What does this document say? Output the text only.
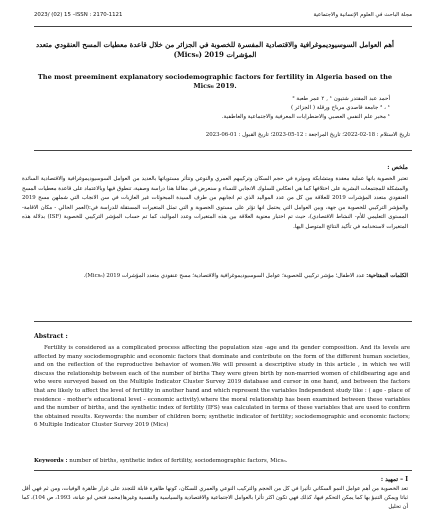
2023/ (02) 15 –ISSN : 2170-1121	مجلة الباحث في العلوم الإنسانية والاجتماعية
أهم العوامل السوسيوديموغرافية والاقتصادية المفسرة للخصوبة في الجزائر من خلال قاعدة معطيات المسح العنقودي متعدد المؤشرات 2019 (Mics₆)
The most preeminent explanatory sociodemographic factors for fertility in Algeria based on the Mics₆ 2019.
أحمد عبد المقتدر شتيون ¹ , ٢ عمر طعبة ²
¹ ، ² جامعة قاصدي مرباح ورقلة ( الجزائر )
¹ مخبر علم النفس العصبي والاضطرابات المعرفية والاجتماعية والعاطفية.
تاريخ الاستلام : 18-02-2022؛ تاريخ المراجعة : 12-05-2023؛ تاريخ القبول : 01-06-2023
ملخص :
تعتبر الخصوبة بانها عملية معقدة ومتشابكة وموثرة في حجم السكان وتركيبهم العمري والنوعي وتتأثر مستوياتها بالعديد من العوامل السوسيوديموغرافية والاقتصادية السائدة والمشكلة للمجتمعات البشرية على اختلافها كما هي انعكاس للسلوك الانجابي للنساء و سنعرض في مقالنا هذا دراسة وصفية، تنطوق فيها وبالاعتماد على قاعدة معطيات المسح العنقودي متعدد المؤشرات 2019 للعلاقة بين كل من عدد المواليد الذي تم انجابهم من طرف السيدة المبحوثات غير العازبات في سن الانجاب التي شملهن مسح 2019 والمؤشر التركيبي للخصوبة من جهة، وبين العوامل التي يحتمل انها تؤثر على مستوى الخصوبة و التي تمثل المتغيرات المستقلة للدراسة في:(العمر الحالي - مكان الاقامة- المستوى التعليمي للأم- النشاط الاقتصادي)، حيث تم اختبار معنوية العلاقة بين هذه المتغيرات وعدد المواليد، كما تم حساب المؤشر التركيبي للخصوبة (ISF) بدلالة هذه المتغيرات لاستخدامه في تأكيد النتائج المتوصل اليها.
الكلمات المفتاحية: عدد الاطفال؛ مؤشر تركيبي للخصوبة؛ عوامل السوسيوديموغرافية والاقتصادية؛ مسح عنقودي متعدد المؤشرات 2019 (Mics₆).
Abstract :
Fertility is considered as a complicated process affecting the population size -age and its gender composition. And its levels are affected by many sociodemographic and economic factors that dominate and contribute on the form of the different human societies, and on the reflection of the reproductive behavior of women.We will present a descriptive study in this article , in which we will discuss the relationship between each of the number of births They were given birth by non-married women of childbearing age and who were surveyed based on the Multiple Indicator Cluster Survey 2019 database and cursor in one hand, and between the factors that are likely to affect the level of fertility in another hand and which represent the variables Independent study like : ( age - place of residence - mother's educational level - economic activity).where the moral relationship has been examined between these variables and the number of births, and the synthetic index of fertility (IFS) was calculated in terms of these variables that are used to confirm the obtained results. Keywords: the number of children born; synthetic indicator of fertility; sociodemographic and economic factors; 6 Multiple Indicator Cluster Survey 2019 (Mics)
Keywords : number of births, synthetic index of fertility, sociodemographic factors, Mics₆.
I – تمهيد :
تعد الخصوبة من أهم عوامل النمو السكاني تأثيرا في كل من الحجم والتركيب النوعي والعمري للسكان، كونها ظاهرة قابلة للتجدد على غرار ظاهرة الوفيات، ومن ثم فهي أقل ثباتا ويمكن التنبؤ بها كما يمكن التحكم فيها، كذلك فهي تكون اكثر تأثرا بالعوامل الاجتماعية والاقتصادية والسياسية والنفسية وغيرها(محمد فتحي ابو عيانة، 1993، ص 104)، كما أن تحليل
